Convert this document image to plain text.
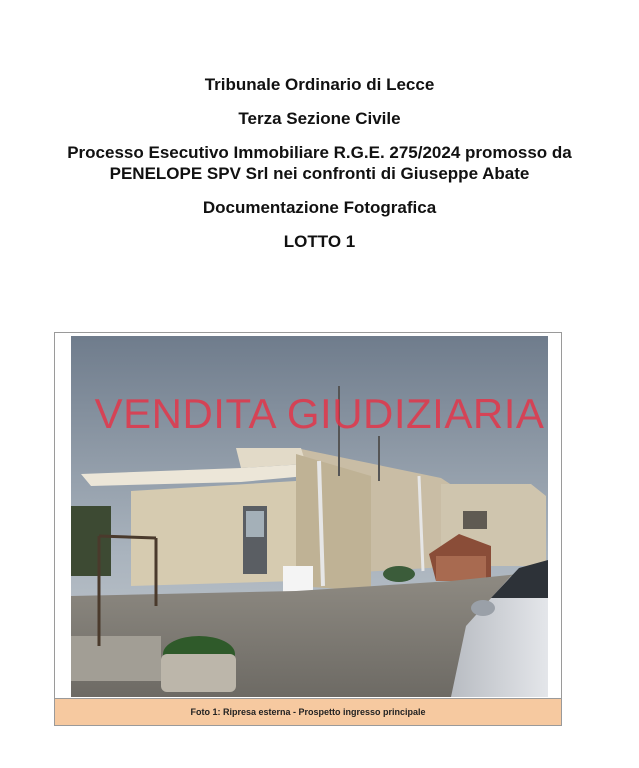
Tribunale Ordinario di Lecce
Terza Sezione Civile
Processo Esecutivo Immobiliare R.G.E. 275/2024 promosso da PENELOPE SPV Srl nei confronti di Giuseppe Abate
Documentazione Fotografica
LOTTO 1
Foto 1: Ripresa esterna - Prospetto ingresso principale
VENDITA GIUDIZIARIA
